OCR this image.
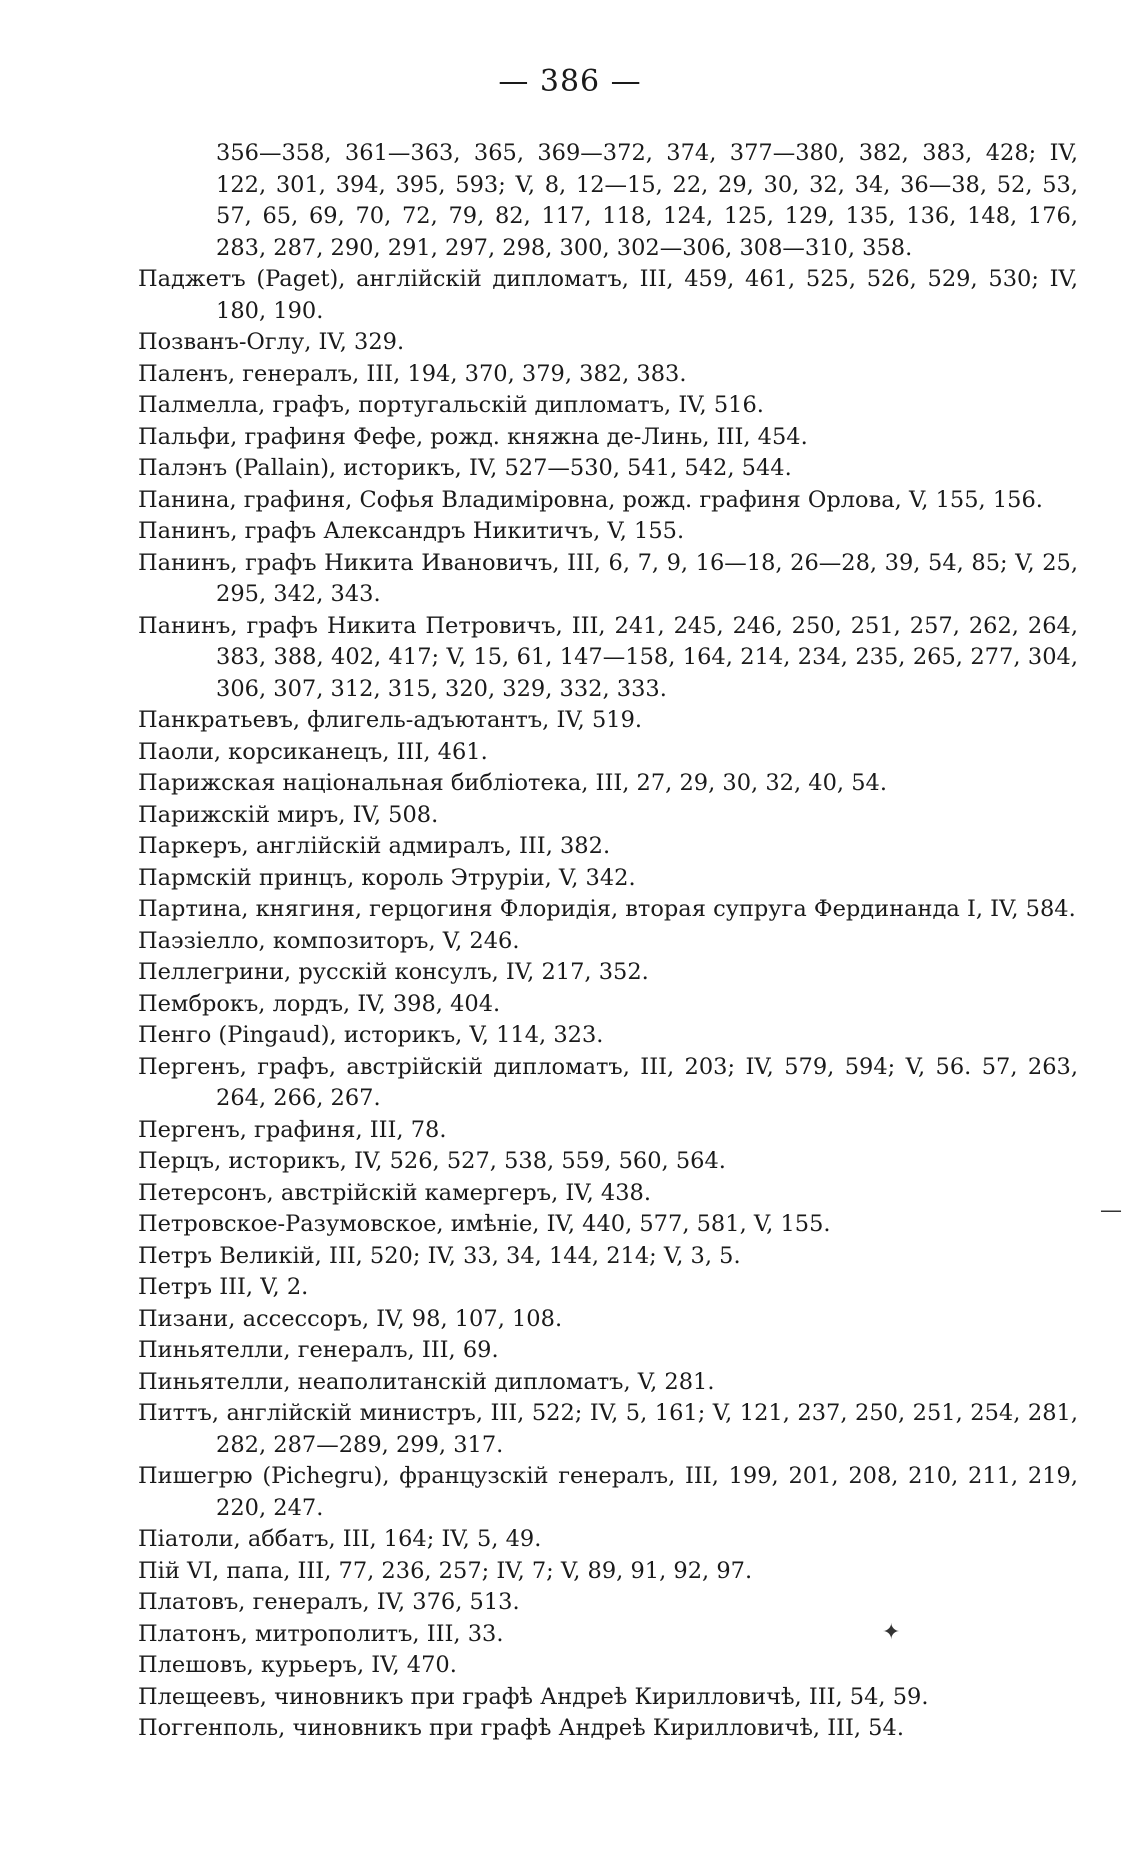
— 386 —
356—358, 361—363, 365, 369—372, 374, 377—380, 382, 383, 428; IV, 122, 301, 394, 395, 593; V, 8, 12—15, 22, 29, 30, 32, 34, 36—38, 52, 53, 57, 65, 69, 70, 72, 79, 82, 117, 118, 124, 125, 129, 135, 136, 148, 176, 283, 287, 290, 291, 297, 298, 300, 302—306, 308—310, 358.
Паджетъ (Paget), англійскій дипломатъ, III, 459, 461, 525, 526, 529, 530; IV, 180, 190.
Позванъ-Оглу, IV, 329.
Паленъ, генералъ, III, 194, 370, 379, 382, 383.
Палмелла, графъ, португальскій дипломатъ, IV, 516.
Пальфи, графиня Фефе, рожд. княжна де-Линь, III, 454.
Палэнъ (Pallain), историкъ, IV, 527—530, 541, 542, 544.
Панина, графиня, Софья Владиміровна, рожд. графиня Орлова, V, 155, 156.
Панинъ, графъ Александръ Никитичъ, V, 155.
Панинъ, графъ Никита Ивановичъ, III, 6, 7, 9, 16—18, 26—28, 39, 54, 85; V, 25, 295, 342, 343.
Панинъ, графъ Никита Петровичъ, III, 241, 245, 246, 250, 251, 257, 262, 264, 383, 388, 402, 417; V, 15, 61, 147—158, 164, 214, 234, 235, 265, 277, 304, 306, 307, 312, 315, 320, 329, 332, 333.
Панкратьевъ, флигель-адъютантъ, IV, 519.
Паоли, корсиканецъ, III, 461.
Парижская національная библіотека, III, 27, 29, 30, 32, 40, 54.
Парижскій миръ, IV, 508.
Паркеръ, англійскій адмиралъ, III, 382.
Пармскій принцъ, король Этруріи, V, 342.
Партина, княгиня, герцогиня Флоридія, вторая супруга Фердинанда I, IV, 584.
Паэзіелло, композиторъ, V, 246.
Пеллегрини, русскій консулъ, IV, 217, 352.
Пемброкъ, лордъ, IV, 398, 404.
Пенго (Pingaud), историкъ, V, 114, 323.
Пергенъ, графъ, австрійскій дипломатъ, III, 203; IV, 579, 594; V, 56. 57, 263, 264, 266, 267.
Пергенъ, графиня, III, 78.
Перцъ, историкъ, IV, 526, 527, 538, 559, 560, 564.
Петерсонъ, австрійскій камергеръ, IV, 438.
Петровское-Разумовское, имѣніе, IV, 440, 577, 581, V, 155.
Петръ Великій, III, 520; IV, 33, 34, 144, 214; V, 3, 5.
Петръ III, V, 2.
Пизани, ассессоръ, IV, 98, 107, 108.
Пиньятелли, генералъ, III, 69.
Пиньятелли, неаполитанскій дипломатъ, V, 281.
Питтъ, англійскій министръ, III, 522; IV, 5, 161; V, 121, 237, 250, 251, 254, 281, 282, 287—289, 299, 317.
Пишегрю (Pichegru), французскій генералъ, III, 199, 201, 208, 210, 211, 219, 220, 247.
Піатоли, аббатъ, III, 164; IV, 5, 49.
Пій VI, папа, III, 77, 236, 257; IV, 7; V, 89, 91, 92, 97.
Платовъ, генералъ, IV, 376, 513.
Платонъ, митрополитъ, III, 33.
Плешовъ, курьеръ, IV, 470.
Плещеевъ, чиновникъ при графѣ Андреѣ Кирилловичѣ, III, 54, 59.
Поггенполь, чиновникъ при графѣ Андреѣ Кирилловичѣ, III, 54.
—
✦
